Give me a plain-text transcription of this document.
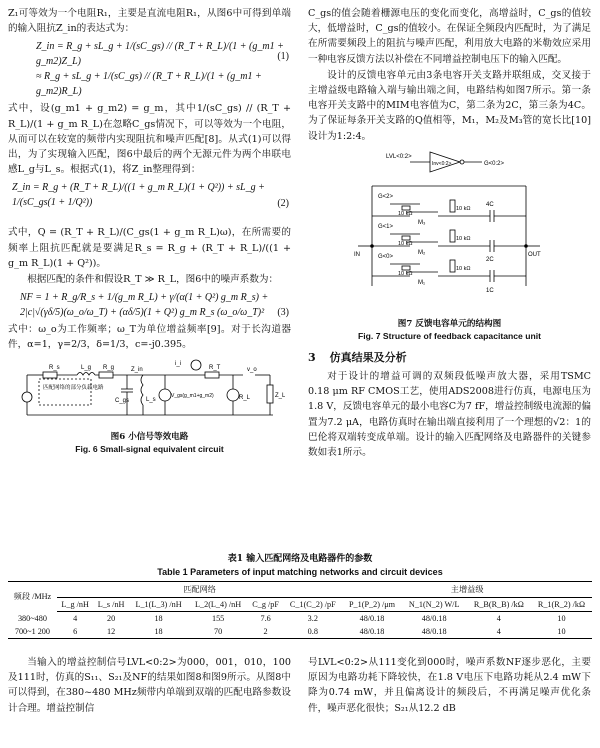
Z₁可等效为一个电阻R₁，主要是直流电阻R₁，从图6中可得到单端的输入阻抗Z_in的表达式为：

Z_in = R_g + sL_g + 1/(sC_gs) // (R_T + R_L)/(1 + (g_m1 + g_m2)Z_L)
≈ R_g + sL_g + 1/(sC_gs) // (R_T + R_L)/(1 + (g_m1 + g_m2)R_L)
(1)

式中，设(g_m1 + g_m2) = g_m，其中1/(sC_gs) // (R_T + R_L)/(1 + g_m R_L)在忽略C_gs情况下，可以等效为一个电阻，从而可以在较宽的频带内实现阻抗和噪声匹配[8]。从式(1)可以得出，为了实现输入匹配，图6中最后的两个无源元件为两个串联电感L_g与L_s。根据式(1)，将Z_in整理得到：

Z_in = R_g + (R_T + R_L)/((1 + g_m R_L)(1 + Q²)) + sL_g + 1/(sC_gs(1 + 1/Q²))	(2)

式中，Q = (R_T + R_L)/(C_gs(1 + g_m R_L)ω)，在所需要的频率上阻抗匹配就是要满足R_s = R_g + (R_T + R_L)/((1 + g_m R_L)(1 + Q²))。

根据匹配的条件和假设R_T ≫ R_L，图6中的噪声系数为：

NF = 1 + R_g/R_s + 1/(g_m R_L) + γ/(α(1 + Q²) g_m R_s) +
2|c|√(γδ/5)(ω_o/ω_T) + (αδ/5)(1 + Q²) g_m R_s (ω_o/ω_T)²	(3)

式中：ω_o为工作频率；ω_T为单位增益频率[9]。对于长沟道器件，α=1，γ=2/3，δ=1/3，c=-j0.395。

R_s	R_g
L_g
C_gs	L_s
R_T
R_L	Z_L
i_i
V_gs(g_m1+g_m2)
v_o
Z_in
匹配网络的部分负载电路
图6 小信号等效电路
Fig. 6 Small-signal equivalent circuit

C_gs的值会随着栅源电压的变化而变化，高增益时，C_gs的值较大，低增益时，C_gs的值较小。在保证全频段内匹配时，为了满足在所需要频段上的阻抗与噪声匹配，利用放大电路的米勒效应采用一种电容反馈方法以补偿在不同增益控制电压下的输入匹配。

设计的反馈电容单元由3条电容开关支路并联组成，交叉接于主增益级电路输入端与输出端之间，电路结构如图7所示。第一条电容开关支路中的MIM电容值为C，第二条为2C，第三条为4C。为了保证每条开关支路的Q值相等，M₁，M₂及M₃管的宽长比[10]设计为1:2:4。

LVL<0:2>
Inv<0:2>	G<0:2>
G<2>
G<1>
G<0>
10 kΩ
10 kΩ
10 kΩ
10 kΩ
10 kΩ
10 kΩ
M₃
M₂
M₁
4C
2C
1C
IN	OUT
图7 反馈电容单元的结构图
Fig. 7 Structure of feedback capacitance unit
3 仿真结果及分析

对于设计的增益可调的双频段低噪声放大器，采用TSMC 0.18 μm RF CMOS工艺，使用ADS2008进行仿真，电源电压为1.8 V，反馈电容单元的最小电容C为7 fF，增益控制级电流源的偏置为7.2 μA，电路仿真时在输出端直接利用了一个理想的√2：1的巴伦将双端转变成单端。设计的输入匹配网络及电路器件的关键参数如表1所示。

表1 输入匹配网络及电路器件的参数
Table 1 Parameters of input matching networks and circuit devices
频段 /MHz	匹配网络						主增益级			
	L_g /nH	L_s /nH	L_1(L_3) /nH	L_2(L_4) /nH	C_g /pF	C_1(C_2) /pF	P_1(P_2) /μm	N_1(N_2) W/L	R_B(R_B) /kΩ	R_1(R_2) /kΩ
380~480	4	20	18	155	7.6	3.2	48/0.18	48/0.18	4	10
700~1 200	6	12	18	70	2	0.8	48/0.18	48/0.18	4	10

当输入的增益控制信号LVL<0:2>为000，001，010，100及111时，仿真的S₁₁、S₂₁及NF的结果如图8和图9所示。从图8中可以得到，在380~480 MHz频带内单端到双端的匹配电路参数设计合理。增益控制信

号LVL<0:2>从111变化到000时，噪声系数NF逐步恶化，主要原因为电路功耗下降较快，在1.8 V电压下电路功耗从2.4 mW下降为0.74 mW，并且偏离设计的频段后，不再满足噪声优化条件，噪声恶化很快；S₂₁从12.2 dB
